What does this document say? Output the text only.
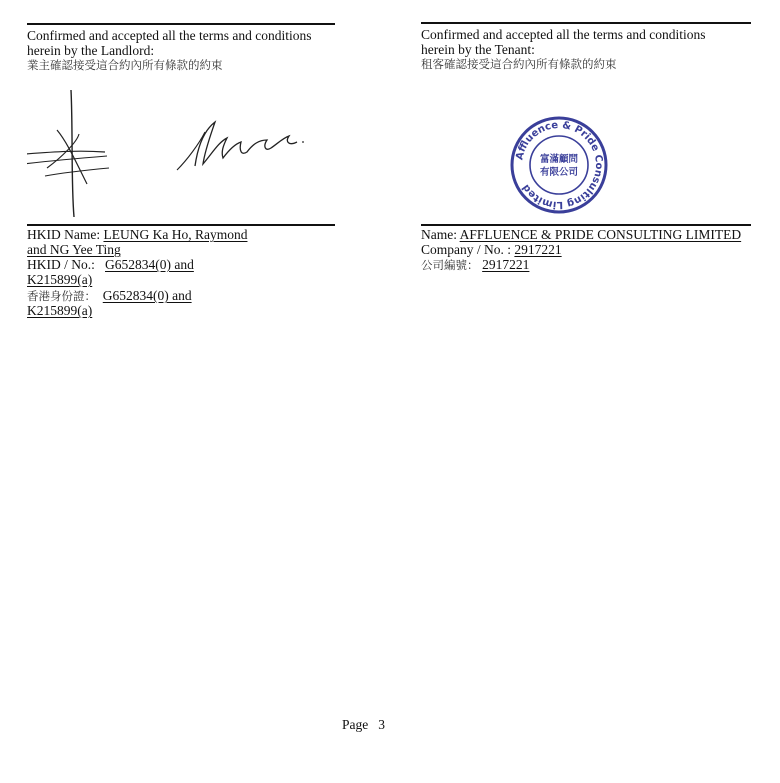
Confirmed and accepted all the terms and conditions

herein by the Landlord:

業主確認接受這合約內所有條款的約束

HKID Name: LEUNG Ka Ho, Raymond

and NG Yee Ting

HKID / No.:   G652834(0) and

K215899(a)

香港身份證： G652834(0) and

K215899(a)

Confirmed and accepted all the terms and conditions

herein by the Tenant:

租客確認接受這合約內所有條款的約束

Affluence & Pride Consulting Limited
富滿顧問
有限公司

Name: AFFLUENCE & PRIDE CONSULTING LIMITED

Company / No. : 2917221

公司編號： 2917221

Page   3
